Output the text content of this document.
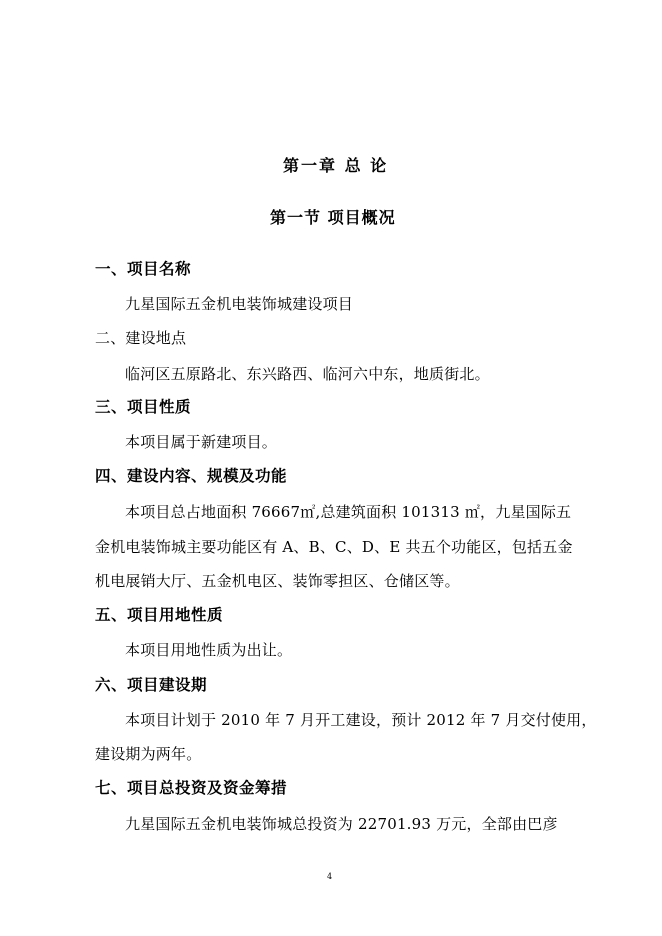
第一章 总 论
第一节 项目概况
一、项目名称
九星国际五金机电装饰城建设项目
二、建设地点
临河区五原路北、东兴路西、临河六中东，地质街北。
三、项目性质
本项目属于新建项目。
四、建设内容、规模及功能
本项目总占地面积 76667㎡,总建筑面积 101313 ㎡，九星国际五
金机电装饰城主要功能区有 A、B、C、D、E 共五个功能区，包括五金
机电展销大厅、五金机电区、装饰零担区、仓储区等。
五、项目用地性质
本项目用地性质为出让。
六、项目建设期
本项目计划于 2010 年 7 月开工建设，预计 2012 年 7 月交付使用，
建设期为两年。
七、项目总投资及资金筹措
九星国际五金机电装饰城总投资为 22701.93 万元，全部由巴彦
4
